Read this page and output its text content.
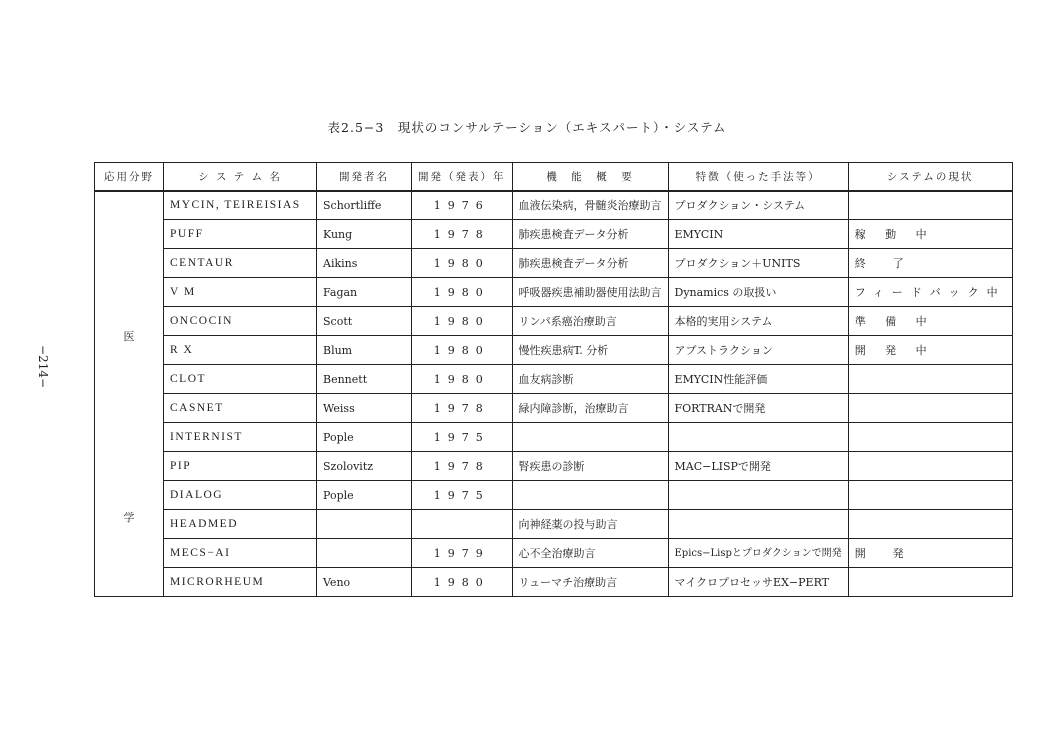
表2.5−3　現状のコンサルテーション（エキスパート）・システム
−214−
応用分野	シ ス テ ム 名	開発者名	開発（発表）年	機　能　概　要	特徴（使った手法等）	システムの現状

医
学	MYCIN, TEIREISIAS	Schortliffe	1976	血液伝染病，骨髄炎治療助言	プロダクション・システム	
	PUFF	Kung	1978	肺疾患検査データ分析	EMYCIN	稼 動 中
	CENTAUR	Aikins	1980	肺疾患検査データ分析	プロダクション＋UNITS	終　了
	V M	Fagan	1980	呼吸器疾患補助器使用法助言	Dynamics の取扱い	フィードバック中
	ONCOCIN	Scott	1980	リンパ系癌治療助言	本格的実用システム	準 備 中
	R X	Blum	1980	慢性疾患病T. 分析	アブストラクション	開 発 中
	CLOT	Bennett	1980	血友病診断	EMYCIN性能評価	
	CASNET	Weiss	1978	緑内障診断，治療助言	FORTRANで開発	
	INTERNIST	Pople	1975			
	PIP	Szolovitz	1978	腎疾患の診断	MAC−LISPで開発	
	DIALOG	Pople	1975			
	HEADMED			向神経薬の投与助言		
	MECS−AI		1979	心不全治療助言	Epics−Lispとプロダクションで開発	開　発
	MICRORHEUM	Veno	1980	リューマチ治療助言	マイクロプロセッサEX−PERT	
